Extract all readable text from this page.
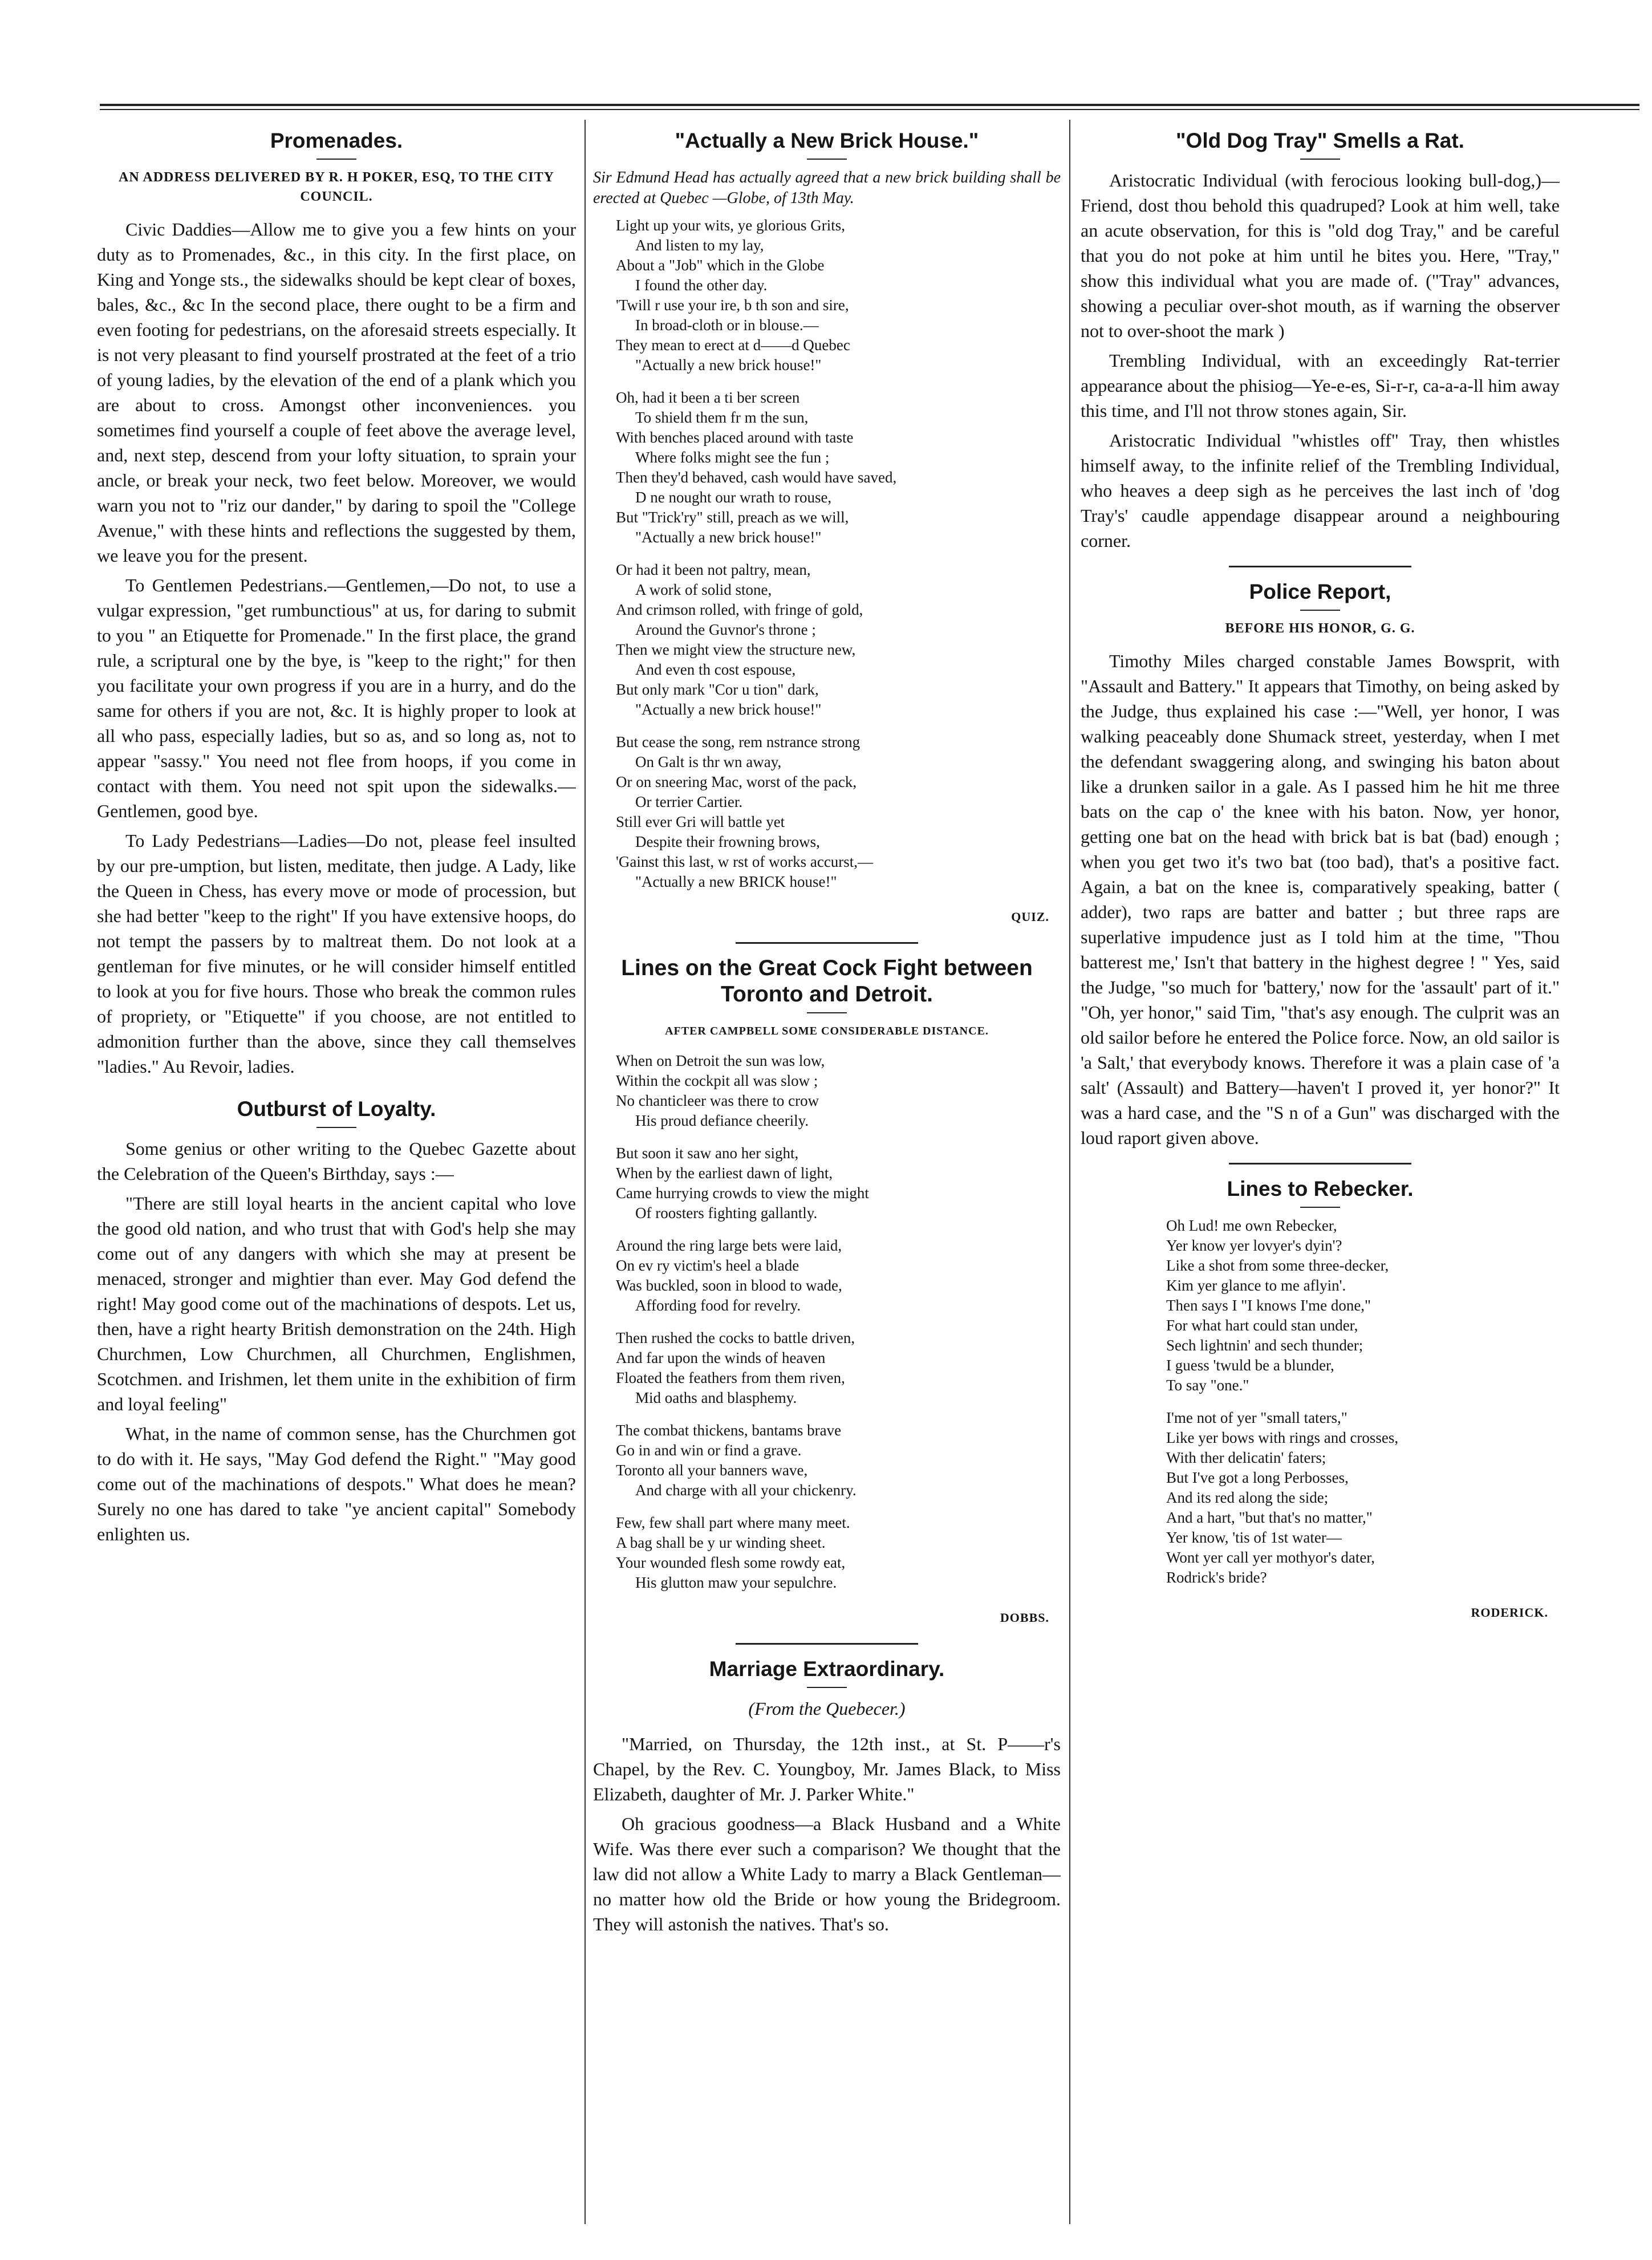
Promenades.
AN ADDRESS DELIVERED BY R. H POKER, ESQ, TO THE CITY COUNCIL.

Civic Daddies—Allow me to give you a few hints on your duty as to Promenades, &c., in this city. In the first place, on King and Yonge sts., the sidewalks should be kept clear of boxes, bales, &c., &c In the second place, there ought to be a firm and even footing for pedestrians, on the aforesaid streets especially. It is not very pleasant to find yourself prostrated at the feet of a trio of young ladies, by the elevation of the end of a plank which you are about to cross. Amongst other inconveniences. you sometimes find yourself a couple of feet above the average level, and, next step, descend from your lofty situation, to sprain your ancle, or break your neck, two feet below. Moreover, we would warn you not to "riz our dander," by daring to spoil the "College Avenue," with these hints and reflections the suggested by them, we leave you for the present.

To Gentlemen Pedestrians.—Gentlemen,—Do not, to use a vulgar expression, "get rumbunctious" at us, for daring to submit to you " an Etiquette for Promenade." In the first place, the grand rule, a scriptural one by the bye, is "keep to the right;" for then you facilitate your own progress if you are in a hurry, and do the same for others if you are not, &c. It is highly proper to look at all who pass, especially ladies, but so as, and so long as, not to appear "sassy." You need not flee from hoops, if you come in contact with them. You need not spit upon the sidewalks.—Gentlemen, good bye.

To Lady Pedestrians—Ladies—Do not, please feel insulted by our pre-umption, but listen, meditate, then judge. A Lady, like the Queen in Chess, has every move or mode of procession, but she had better "keep to the right" If you have extensive hoops, do not tempt the passers by to maltreat them. Do not look at a gentleman for five minutes, or he will consider himself entitled to look at you for five hours. Those who break the common rules of propriety, or "Etiquette" if you choose, are not entitled to admonition further than the above, since they call themselves "ladies." Au Revoir, ladies.

Outburst of Loyalty.

Some genius or other writing to the Quebec Gazette about the Celebration of the Queen's Birthday, says :—

"There are still loyal hearts in the ancient capital who love the good old nation, and who trust that with God's help she may come out of any dangers with which she may at present be menaced, stronger and mightier than ever. May God defend the right! May good come out of the machinations of despots. Let us, then, have a right hearty British demonstration on the 24th. High Churchmen, Low Churchmen, all Churchmen, Englishmen, Scotchmen. and Irishmen, let them unite in the exhibition of firm and loyal feeling"

What, in the name of common sense, has the Churchmen got to do with it. He says, "May God defend the Right." "May good come out of the machinations of despots." What does he mean? Surely no one has dared to take "ye ancient capital" Somebody enlighten us.

"Actually a New Brick House."
Sir Edmund Head has actually agreed that a new brick building shall be erected at Quebec —Globe, of 13th May.
Light up your wits, ye glorious Grits,
And listen to my lay,
About a "Job" which in the Globe
I found the other day.
'Twill r use your ire, b th son and sire,
In broad-cloth or in blouse.—
They mean to erect at d——d Quebec
"Actually a new brick house!"
Oh, had it been a ti ber screen
To shield them fr m the sun,
With benches placed around with taste
Where folks might see the fun ;
Then they'd behaved, cash would have saved,
D ne nought our wrath to rouse,
But "Trick'ry" still, preach as we will,
"Actually a new brick house!"
Or had it been not paltry, mean,
A work of solid stone,
And crimson rolled, with fringe of gold,
Around the Guvnor's throne ;
Then we might view the structure new,
And even th cost espouse,
But only mark "Cor u tion" dark,
"Actually a new brick house!"
But cease the song, rem nstrance strong
On Galt is thr wn away,
Or on sneering Mac, worst of the pack,
Or terrier Cartier.
Still ever Gri will battle yet
Despite their frowning brows,
'Gainst this last, w rst of works accurst,—
"Actually a new BRICK house!"
QUIZ.
Lines on the Great Cock Fight between Toronto and Detroit.
AFTER CAMPBELL SOME CONSIDERABLE DISTANCE.
When on Detroit the sun was low,
Within the cockpit all was slow ;
No chanticleer was there to crow
His proud defiance cheerily.
But soon it saw ano her sight,
When by the earliest dawn of light,
Came hurrying crowds to view the might
Of roosters fighting gallantly.
Around the ring large bets were laid,
On ev ry victim's heel a blade
Was buckled, soon in blood to wade,
Affording food for revelry.
Then rushed the cocks to battle driven,
And far upon the winds of heaven
Floated the feathers from them riven,
Mid oaths and blasphemy.
The combat thickens, bantams brave
Go in and win or find a grave.
Toronto all your banners wave,
And charge with all your chickenry.
Few, few shall part where many meet.
A bag shall be y ur winding sheet.
Your wounded flesh some rowdy eat,
His glutton maw your sepulchre.
DOBBS.
Marriage Extraordinary.

(From the Quebecer.)

"Married, on Thursday, the 12th inst., at St. P——r's Chapel, by the Rev. C. Youngboy, Mr. James Black, to Miss Elizabeth, daughter of Mr. J. Parker White."

Oh gracious goodness—a Black Husband and a White Wife. Was there ever such a comparison? We thought that the law did not allow a White Lady to marry a Black Gentleman—no matter how old the Bride or how young the Bridegroom. They will astonish the natives. That's so.

"Old Dog Tray" Smells a Rat.

Aristocratic Individual (with ferocious looking bull-dog,)—Friend, dost thou behold this quadruped? Look at him well, take an acute observation, for this is "old dog Tray," and be careful that you do not poke at him until he bites you. Here, "Tray," show this individual what you are made of. ("Tray" advances, showing a peculiar over-shot mouth, as if warning the observer not to over-shoot the mark )

Trembling Individual, with an exceedingly Rat-terrier appearance about the phisiog—Ye-e-es, Si-r-r, ca-a-a-ll him away this time, and I'll not throw stones again, Sir.

Aristocratic Individual "whistles off" Tray, then whistles himself away, to the infinite relief of the Trembling Individual, who heaves a deep sigh as he perceives the last inch of 'dog Tray's' caudle appendage disappear around a neighbouring corner.

Police Report,
BEFORE HIS HONOR, G. G.

Timothy Miles charged constable James Bowsprit, with "Assault and Battery." It appears that Timothy, on being asked by the Judge, thus explained his case :—"Well, yer honor, I was walking peaceably done Shumack street, yesterday, when I met the defendant swaggering along, and swinging his baton about like a drunken sailor in a gale. As I passed him he hit me three bats on the cap o' the knee with his baton. Now, yer honor, getting one bat on the head with brick bat is bat (bad) enough ; when you get two it's two bat (too bad), that's a positive fact. Again, a bat on the knee is, comparatively speaking, batter ( adder), two raps are batter and batter ; but three raps are superlative impudence just as I told him at the time, "Thou batterest me,' Isn't that battery in the highest degree ! " Yes, said the Judge, "so much for 'battery,' now for the 'assault' part of it." "Oh, yer honor," said Tim, "that's asy enough. The culprit was an old sailor before he entered the Police force. Now, an old sailor is 'a Salt,' that everybody knows. Therefore it was a plain case of 'a salt' (Assault) and Battery—haven't I proved it, yer honor?" It was a hard case, and the "S n of a Gun" was discharged with the loud raport given above.

Lines to Rebecker.
Oh Lud! me own Rebecker,
Yer know yer lovyer's dyin'?
Like a shot from some three-decker,
Kim yer glance to me aflyin'.
Then says I "I knows I'me done,"
For what hart could stan under,
Sech lightnin' and sech thunder;
I guess 'twuld be a blunder,
To say "one."
I'me not of yer "small taters,"
Like yer bows with rings and crosses,
With ther delicatin' faters;
But I've got a long Perbosses,
And its red along the side;
And a hart, "but that's no matter,"
Yer know, 'tis of 1st water—
Wont yer call yer mothyor's dater,
Rodrick's bride?
RODERICK.
